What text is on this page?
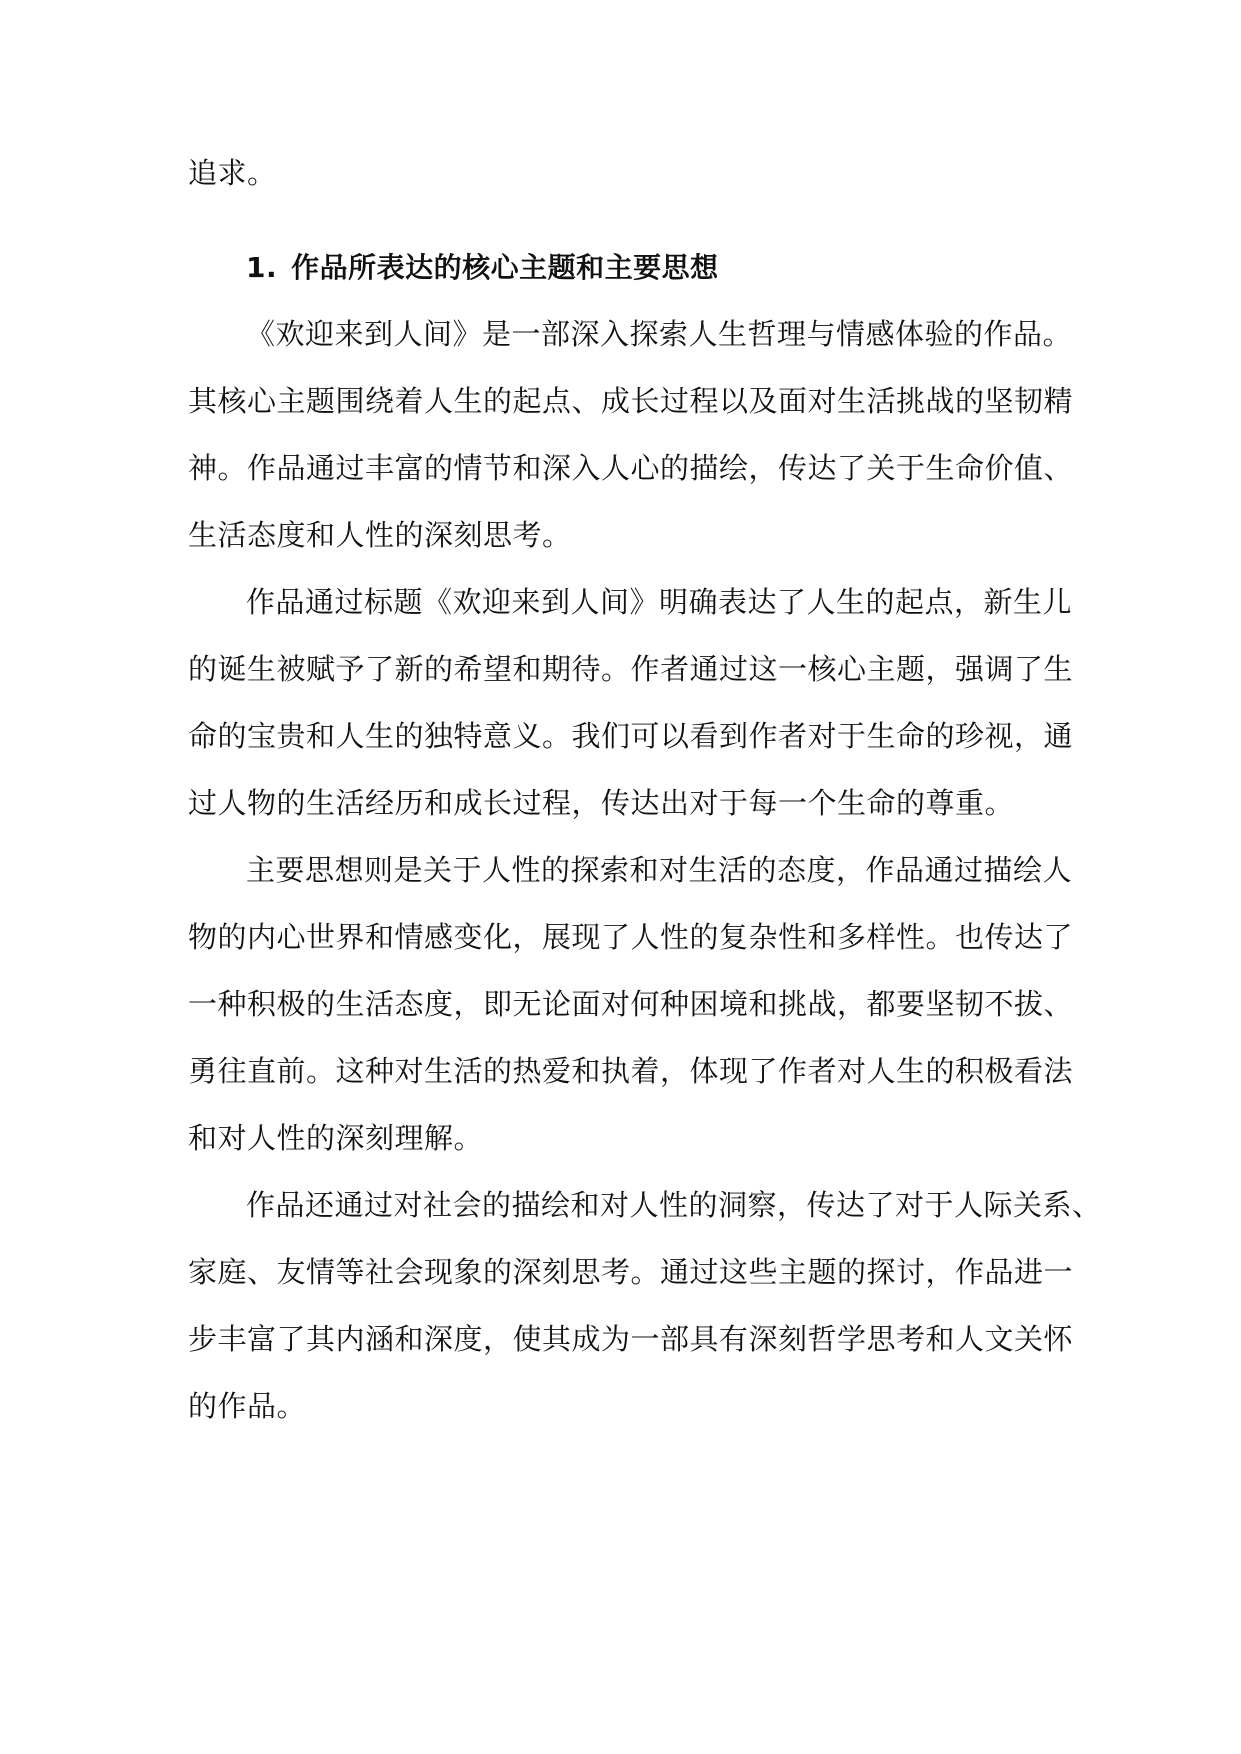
追求。
1. 作品所表达的核心主题和主要思想
《欢迎来到人间》是一部深入探索人生哲理与情感体验的作品。
其核心主题围绕着人生的起点、成长过程以及面对生活挑战的坚韧精
神。作品通过丰富的情节和深入人心的描绘，传达了关于生命价值、
生活态度和人性的深刻思考。
作品通过标题《欢迎来到人间》明确表达了人生的起点，新生儿
的诞生被赋予了新的希望和期待。作者通过这一核心主题，强调了生
命的宝贵和人生的独特意义。我们可以看到作者对于生命的珍视，通
过人物的生活经历和成长过程，传达出对于每一个生命的尊重。
主要思想则是关于人性的探索和对生活的态度，作品通过描绘人
物的内心世界和情感变化，展现了人性的复杂性和多样性。也传达了
一种积极的生活态度，即无论面对何种困境和挑战，都要坚韧不拔、
勇往直前。这种对生活的热爱和执着，体现了作者对人生的积极看法
和对人性的深刻理解。
作品还通过对社会的描绘和对人性的洞察，传达了对于人际关系、
家庭、友情等社会现象的深刻思考。通过这些主题的探讨，作品进一
步丰富了其内涵和深度，使其成为一部具有深刻哲学思考和人文关怀
的作品。
